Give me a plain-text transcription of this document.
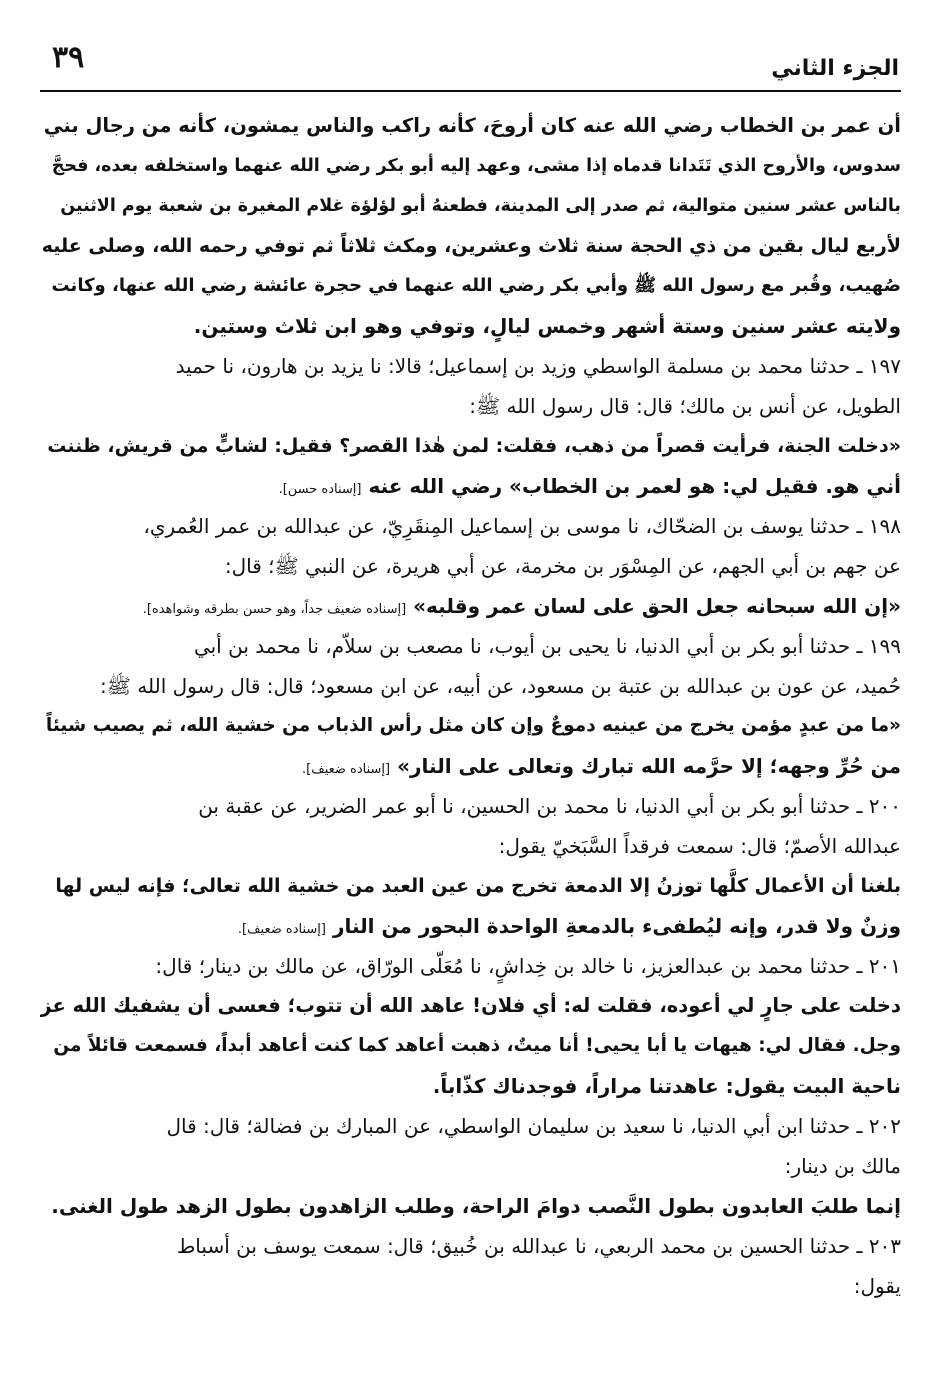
٣٩	الجزء الثاني

أن عمر بن الخطاب رضي الله عنه كان أروحَ، كأنه راكب والناس يمشون، كأنه من رجال بني

سدوس، والأروح الذي تَتَدانا قدماه إذا مشى، وعهد إليه أبو بكر رضي الله عنهما واستخلفه بعده، فحجَّ

بالناس عشر سنين متوالية، ثم صدر إلى المدينة، فطعنهُ أبو لؤلؤة غلام المغيرة بن شعبة يوم الاثنين

لأربع ليال بقين من ذي الحجة سنة ثلاث وعشرين، ومكث ثلاثاً ثم توفي رحمه الله، وصلى عليه

صُهيب، وقُبر مع رسول الله ﷺ وأبي بكر رضي الله عنهما في حجرة عائشة رضي الله عنها، وكانت

ولايته عشر سنين وستة أشهر وخمس ليالٍ، وتوفي وهو ابن ثلاث وستين.

١٩٧ ـ حدثنا محمد بن مسلمة الواسطي وزيد بن إسماعيل؛ قالا: نا يزيد بن هارون، نا حميد

الطويل، عن أنس بن مالك؛ قال: قال رسول الله ﷺ:

«دخلت الجنة، فرأيت قصراً من ذهب، فقلت: لمن هٰذا القصر؟ فقيل: لشابٍّ من قريش، ظننت

أني هو. فقيل لي: هو لعمر بن الخطاب» رضي الله عنه [إسناده حسن].

١٩٨ ـ حدثنا يوسف بن الضحّاك، نا موسى بن إسماعيل المِنقَرِيّ، عن عبدالله بن عمر العُمري،

عن جهم بن أبي الجهم، عن المِسْوَر بن مخرمة، عن أبي هريرة، عن النبي ﷺ؛ قال:

«إن الله سبحانه جعل الحق على لسان عمر وقلبه» [إسناده ضعيف جداً، وهو حسن بطرقه وشواهده].

١٩٩ ـ حدثنا أبو بكر بن أبي الدنيا، نا يحيى بن أيوب، نا مصعب بن سلاّم، نا محمد بن أبي

حُميد، عن عون بن عبدالله بن عتبة بن مسعود، عن أبيه، عن ابن مسعود؛ قال: قال رسول الله ﷺ:

«ما من عبدٍ مؤمن يخرج من عينيه دموعٌ وإن كان مثل رأس الذباب من خشية الله، ثم يصيب شيئاً

من حُرِّ وجهه؛ إلا حرَّمه الله تبارك وتعالى على النار» [إسناده ضعيف].

٢٠٠ ـ حدثنا أبو بكر بن أبي الدنيا، نا محمد بن الحسين، نا أبو عمر الضرير، عن عقبة بن

عبدالله الأصمّ؛ قال: سمعت فرقداً السَّبَخيّ يقول:

بلغنا أن الأعمال كلَّها توزنُ إلا الدمعة تخرج من عين العبد من خشية الله تعالى؛ فإنه ليس لها

وزنٌ ولا قدر، وإنه ليُطفىء بالدمعةِ الواحدة البحور من النار [إسناده ضعيف].

٢٠١ ـ حدثنا محمد بن عبدالعزيز، نا خالد بن خِداشٍ، نا مُعَلّى الورّاق، عن مالك بن دينار؛ قال:

دخلت على جارٍ لي أعوده، فقلت له: أي فلان! عاهد الله أن تتوب؛ فعسى أن يشفيك الله عز

وجل. فقال لي: هيهات يا أبا يحيى! أنا ميتٌ، ذهبت أعاهد كما كنت أعاهد أبداً، فسمعت قائلاً من

ناحية البيت يقول: عاهدتنا مراراً، فوجدناك كذّاباً.

٢٠٢ ـ حدثنا ابن أبي الدنيا، نا سعيد بن سليمان الواسطي، عن المبارك بن فضالة؛ قال: قال

مالك بن دينار:

إنما طلبَ العابدون بطول النَّصب دوامَ الراحة، وطلب الزاهدون بطول الزهد طول الغنى.

٢٠٣ ـ حدثنا الحسين بن محمد الربعي، نا عبدالله بن خُبيق؛ قال: سمعت يوسف بن أسباط

يقول:
